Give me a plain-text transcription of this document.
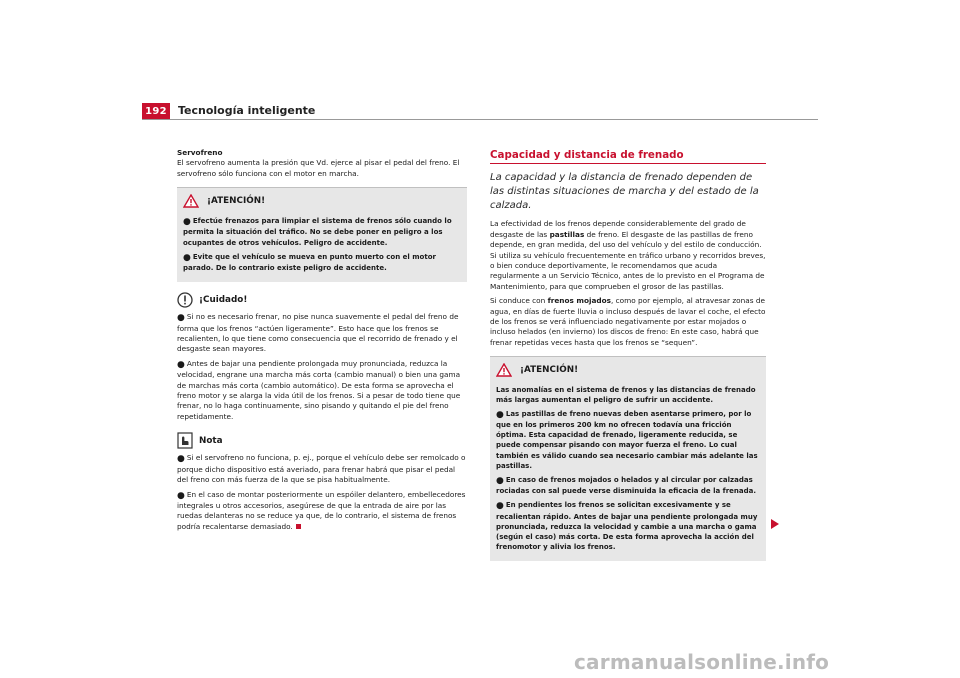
192 Tecnología inteligente

Servofreno

El servofreno aumenta la presión que Vd. ejerce al pisar el pedal del freno. El servofreno sólo funciona con el motor en marcha.

¡ATENCIÓN!
● Efectúe frenazos para limpiar el sistema de frenos sólo cuando lo permita la situación del tráfico. No se debe poner en peligro a los ocupantes de otros vehículos. Peligro de accidente.
● Evite que el vehículo se mueva en punto muerto con el motor parado. De lo contrario existe peligro de accidente.
¡Cuidado!
● Si no es necesario frenar, no pise nunca suavemente el pedal del freno de forma que los frenos “actúen ligeramente”. Esto hace que los frenos se recalienten, lo que tiene como consecuencia que el recorrido de frenado y el desgaste sean mayores.
● Antes de bajar una pendiente prolongada muy pronunciada, reduzca la velocidad, engrane una marcha más corta (cambio manual) o bien una gama de marchas más corta (cambio automático). De esta forma se aprovecha el freno motor y se alarga la vida útil de los frenos. Si a pesar de todo tiene que frenar, no lo haga continuamente, sino pisando y quitando el pie del freno repetidamente.
Nota
● Si el servofreno no funciona, p. ej., porque el vehículo debe ser remolcado o porque dicho dispositivo está averiado, para frenar habrá que pisar el pedal del freno con más fuerza de la que se pisa habitualmente.
● En el caso de montar posteriormente un espóiler delantero, embellecedores integrales u otros accesorios, asegúrese de que la entrada de aire por las ruedas delanteras no se reduce ya que, de lo contrario, el sistema de frenos podría recalentarse demasiado.
Capacidad y distancia de frenado
La capacidad y la distancia de frenado dependen de las distintas situaciones de marcha y del estado de la calzada.

La efectividad de los frenos depende considerablemente del grado de desgaste de las pastillas de freno. El desgaste de las pastillas de freno depende, en gran medida, del uso del vehículo y del estilo de conducción. Si utiliza su vehículo frecuentemente en tráfico urbano y recorridos breves, o bien conduce deportivamente, le recomendamos que acuda regularmente a un Servicio Técnico, antes de lo previsto en el Programa de Mantenimiento, para que comprueben el grosor de las pastillas.

Si conduce con frenos mojados, como por ejemplo, al atravesar zonas de agua, en días de fuerte lluvia o incluso después de lavar el coche, el efecto de los frenos se verá influenciado negativamente por estar mojados o incluso helados (en invierno) los discos de freno: En este caso, habrá que frenar repetidas veces hasta que los frenos se “sequen”.

¡ATENCIÓN!
Las anomalías en el sistema de frenos y las distancias de frenado más largas aumentan el peligro de sufrir un accidente.
● Las pastillas de freno nuevas deben asentarse primero, por lo que en los primeros 200 km no ofrecen todavía una fricción óptima. Esta capacidad de frenado, ligeramente reducida, se puede compensar pisando con mayor fuerza el freno. Lo cual también es válido cuando sea necesario cambiar más adelante las pastillas.
● En caso de frenos mojados o helados y al circular por calzadas rociadas con sal puede verse disminuida la eficacia de la frenada.
● En pendientes los frenos se solicitan excesivamente y se recalientan rápido. Antes de bajar una pendiente prolongada muy pronunciada, reduzca la velocidad y cambie a una marcha o gama (según el caso) más corta. De esta forma aprovecha la acción del frenomotor y alivia los frenos.
carmanualsonline.info
